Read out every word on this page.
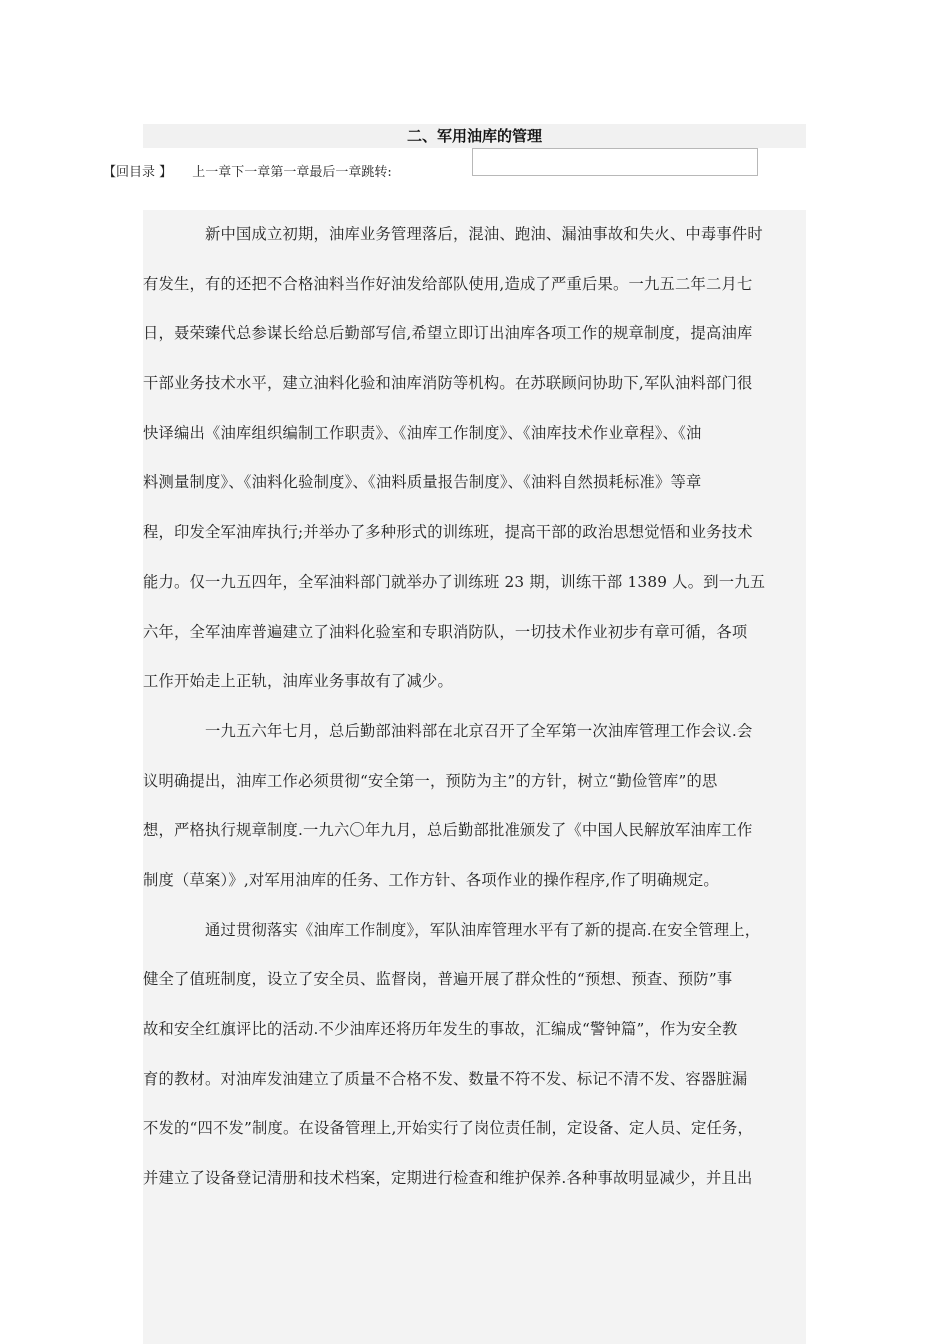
二、军用油库的管理
【回目录 】 上一章下一章第一章最后一章跳转:
　　　　新中国成立初期，油库业务管理落后，混油、跑油、漏油事故和失火、中毒事件时
有发生，有的还把不合格油料当作好油发给部队使用,造成了严重后果。一九五二年二月七
日，聂荣臻代总参谋长给总后勤部写信,希望立即订出油库各项工作的规章制度，提高油库
干部业务技术水平，建立油料化验和油库消防等机构。在苏联顾问协助下,军队油料部门很
快译编出《油库组织编制工作职责》、《油库工作制度》、《油库技术作业章程》、《油
料测量制度》、《油料化验制度》、《油料质量报告制度》、《油料自然损耗标准》等章
程，印发全军油库执行;并举办了多种形式的训练班，提高干部的政治思想觉悟和业务技术
能力。仅一九五四年，全军油料部门就举办了训练班 23 期，训练干部 1389 人。到一九五
六年，全军油库普遍建立了油料化验室和专职消防队，一切技术作业初步有章可循，各项
工作开始走上正轨，油库业务事故有了减少。
　　　　一九五六年七月，总后勤部油料部在北京召开了全军第一次油库管理工作会议.会
议明确提出，油库工作必须贯彻“安全第一，预防为主”的方针，树立“勤俭管库”的思
想，严格执行规章制度.一九六〇年九月，总后勤部批准颁发了《中国人民解放军油库工作
制度（草案）》,对军用油库的任务、工作方针、各项作业的操作程序,作了明确规定。
　　　　通过贯彻落实《油库工作制度》，军队油库管理水平有了新的提高.在安全管理上，
健全了值班制度，设立了安全员、监督岗，普遍开展了群众性的“预想、预查、预防”事
故和安全红旗评比的活动.不少油库还将历年发生的事故，汇编成“警钟篇”，作为安全教
育的教材。对油库发油建立了质量不合格不发、数量不符不发、标记不清不发、容器脏漏
不发的“四不发”制度。在设备管理上,开始实行了岗位责任制，定设备、定人员、定任务，
并建立了设备登记清册和技术档案，定期进行检查和维护保养.各种事故明显减少，并且出
